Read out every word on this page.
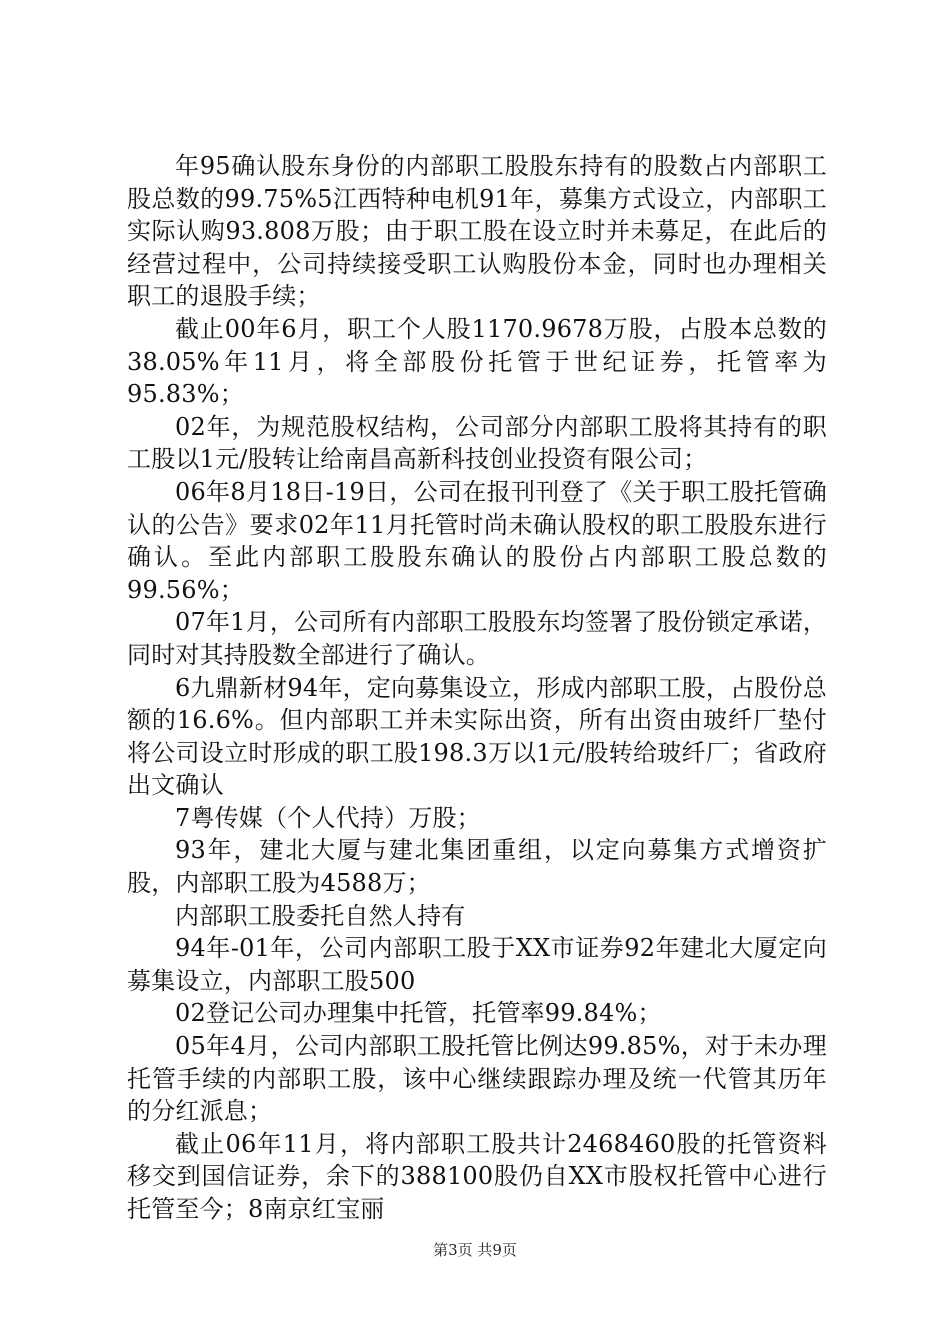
年95确认股东身份的内部职工股股东持有的股数占内部职工股总数的99.75%5江西特种电机91年，募集方式设立，内部职工实际认购93.808万股；由于职工股在设立时并未募足，在此后的经营过程中，公司持续接受职工认购股份本金，同时也办理相关职工的退股手续；

截止00年6月，职工个人股1170.9678万股，占股本总数的38.05%年11月，将全部股份托管于世纪证券，托管率为95.83%；

02年，为规范股权结构，公司部分内部职工股将其持有的职工股以1元/股转让给南昌高新科技创业投资有限公司；

06年8月18日-19日，公司在报刊刊登了《关于职工股托管确认的公告》要求02年11月托管时尚未确认股权的职工股股东进行确认。至此内部职工股股东确认的股份占内部职工股总数的99.56%；

07年1月，公司所有内部职工股股东均签署了股份锁定承诺，同时对其持股数全部进行了确认。

6九鼎新材94年，定向募集设立，形成内部职工股，占股份总额的16.6%。但内部职工并未实际出资，所有出资由玻纤厂垫付将公司设立时形成的职工股198.3万以1元/股转给玻纤厂；省政府出文确认

7粤传媒（个人代持）万股；

93年，建北大厦与建北集团重组，以定向募集方式增资扩股，内部职工股为4588万；

内部职工股委托自然人持有

94年-01年，公司内部职工股于XX市证券92年建北大厦定向募集设立，内部职工股500

02登记公司办理集中托管，托管率99.84%；

05年4月，公司内部职工股托管比例达99.85%，对于未办理托管手续的内部职工股，该中心继续跟踪办理及统一代管其历年的分红派息；

截止06年11月，将内部职工股共计2468460股的托管资料移交到国信证券，余下的388100股仍自XX市股权托管中心进行托管至今；8南京红宝丽

第3页 共9页
